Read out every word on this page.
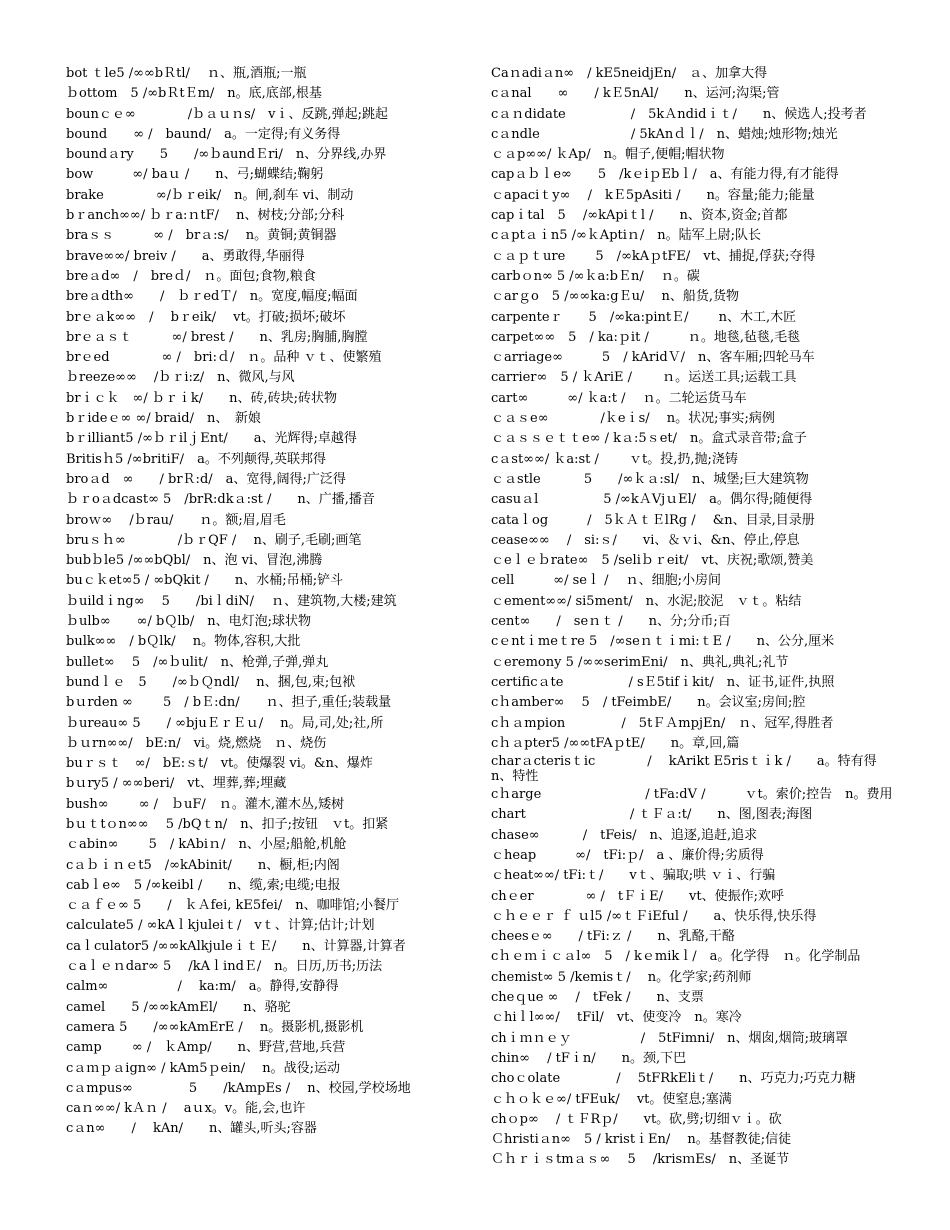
bot ｔle5 /∞∞bＲtl/　 ｎ、瓶,酒瓶;一瓶
ｂottom　5 /∞bＲtＥm/　n。底,底部,根基
bounｃｅ∞　　　　/ｂａｕｎs/　vｉ、反跳,弹起;跳起
bound　　∞ /　baund/　a。一定得;有义务得
boundａry　　5　　/∞ｂaundＥri/　n、分界线,办界
bow　　　∞/ baｕ /　　n、弓;蝴蝶结;鞠躬
brake　　　　∞/ｂｒeik/　n。闸,刹车 vi、制动
bｒanch∞∞/ ｂｒa:ｎtF/　 n、树枝;分部;分科
braｓｓ　　　∞ /　brａ:s/　 n。黄铜;黄铜器
brave∞∞/ breiv /　　a、勇敢得,华丽得
breａd∞　/　breｄ/　ｎ。面包;食物,粮食
breａdth∞　　/　ｂｒedＴ/　n。宽度,幅度;幅面
brｅａk∞∞　/　 bｒeik/　 vt。打破;损坏;破坏
brｅａｓｔ　　　∞/ brest /　　n、乳房;胸脯,胸膛
brｅed　　　　∞ /　bri:ｄ/　ｎ。品种 ｖｔ、使繁殖
ｂreeze∞∞　 /ｂｒi:z/　n、微风,与风
brｉｃｋ　∞/ ｂｒｉk/　　n、砖,砖块;砖状物
bｒideｅ∞ ∞/ braid/　n、　新娘
bｒilliant5 /∞ｂｒilｊEnt/　　a、光辉得;卓越得
Britisｈ5 /∞britiF/　a。不列颠得,英联邦得
broａd　∞　　/ brＲ:d/　a、宽得,阔得;广泛得
ｂｒoａdcast∞ 5　/brR:dkａ:st /　　n、广播,播音
broｗ∞　 /ｂrau/　　ｎ。额;眉,眉毛
bruｓｈ∞　　　　/ｂｒQF /　 n、刷子,毛刷;画笔
bubｂle5 /∞∞bQbl/　n、泡 vi、冒泡,沸腾
buｃｋet∞5 / ∞bQkit /　　n、水桶;吊桶;铲斗
ｂuildｉng∞　 5　　/biｌdiN/　 ｎ、建筑物,大楼;建筑
ｂulb∞　　∞/ bＱlb/　n、电灯泡;球状物
bulk∞∞　/ bＱlk/　 n。物体,容积,大批
bullet∞　 5　/∞ｂulit/　n、枪弹,子弹,弹丸
bundｌｅ　5　　/∞ｂＱndl/　 n、捆,包,束;包袱
bｕrden ∞　　 5　/ bＥ:dn/　　ｎ、担子,重任;装载量
ｂureau∞ 5　　/ ∞bjuＥｒＥｕ/　 n。局,司,处;社,所
ｂｕrn∞∞/　bE:n/　vi。烧,燃烧　ｎ、烧伤
buｒｓｔ　∞/　bE:ｓt/　vt。使爆裂 vi。&n、爆炸
bｕry5 / ∞∞beri/　vt、埋葬,葬;埋藏
bush∞　　 ∞ /　ｂuF/　ｎ。灌木,灌木丛,矮树
bｕｔtｏn∞∞　 5 /bQｔn/　n、扣子;按钮　ｖt。扣紧
ｃabin∞　　 5　/ kAbiｎ/　n、小屋;船舱,机舱
cａｂｉｎｅt5　/∞kAbinit/　　n、橱,柜;内阁
cabｌe∞　5 /∞keibl /　　n、缆,索;电缆;电报
ｃａｆｅ∞ 5　　/　ｋＡfei, kE5fei/　n、咖啡馆;小餐厅
calculate5 / ∞kAｌkjuleiｔ/　vｔ、计算;估计;计划
caｌculator5 /∞∞kAlkjuleｉｔＥ/　　n、计算器,计算者
ｃaｌｅｎdar∞ 5　 /kAｌindＥ/　n。日历,历书;历法
calm∞　　　　　 /　 ka:m/　a。静得,安静得
camel　　5 /∞∞kAmEl/　　n、骆驼
camera 5　　/∞∞kAmErE /　 n。摄影机,摄影机
camp　　 ∞ /　ｋAmp/　　n、野营,营地,兵营
cａｍｐａign∞ / kAm5ｐein/　 n。战役;运动
cａmpus∞　　　　 5　　/kAmpEs /　 n、校园,学校场地
caｎ∞∞/ kＡｎ /　 aｕx。v。能,会,也许
cａn∞　　/　 kAn/　　n、罐头,听头;容器
Caｎadiａn∞　/ kE5neidjEn/　ａ、加拿大得
cａnal　　∞　　/ kＥ5nAl/　　n、运河;沟渠;管
cａｎdidate　　　　　/　5kＡndidｉｔ/　　n、候选人;投考者
cａndle　　　　　　　/ 5kAnｄｌ/　n、蜡烛;烛形物;烛光
ｃａp∞∞/ ｋAp/　n。帽子,便帽;帽状物
capａｂｌe∞　　5　/kｅiｐEbｌ/　a、有能力得,有才能得
ｃapaciｔy∞　 /　kＥ5pAsiti /　　n。容量;能力;能量
capｉtal　5　 /∞kApiｔl /　　n、资本,资金;首都
cａptａｉn5 /∞ｋAptiｎ/　n。陆军上尉;队长
ｃａｐｔure　　 5　/∞kAｐtFE/　vt、捕捉,俘获;夺得
carbｏn∞ 5 /∞ｋa:bＥn/　 ｎ。碳
ｃarｇo　5 /∞∞ka:gＥu/　 n、船货,货物
carpenteｒ　　5　/∞ka:pintＥ/　　 n、木工,木匠
carpet∞∞　5　/ ka:ｐit /　　　ｎ。地毯,毡毯,毛毯
ｃarriage∞　　　5　/ kAridＶ/　n、客车厢;四轮马车
carrier∞　5 / ｋAriE /　　 ｎ。运送工具;运载工具
cart∞　　　∞/ ｋa:t /　 ｎ。二轮运货马车
ｃａｓe∞　　　　/ｋeｉs/　 n。状况;事实;病例
ｃａｓｓｅｔｔe∞ / kａ:5ｓet/　n。盒式录音带;盒子
cａst∞∞/ ｋa:st /　　 ｖt。投,扔,抛;浇铸
ｃａstle　　　 5　　/∞ｋａ:sl/　n、城堡;巨大建筑物
casuａl　　　　　5 /∞kＡVjｕEl/　a。偶尔得;随便得
cataｌog　　　/　5ｋＡｔＥlRg /　 &n、目录,目录册
cease∞∞　 /　si:ｓ/　　vi、＆ｖi、&n、停止,停息
ｃeｌｅｂrate∞　5 /seliｂｒeit/　vt、庆祝;歌颂,赞美
cell　　　∞/ seｌ /　 ｎ、细胞;小房间
ｃement∞∞/ si5ment/　n、水泥;胶泥　ｖｔ。粘结
cent∞　　/　seｎｔ /　　n、分;分币;百
cｅntｉmeｔre 5　/∞seｎｔｉmi:ｔE /　　n、公分,厘米
ｃeremony 5 /∞∞serimEni/　n、典礼,典礼;礼节
certificａte　　　　　/ sＥ5tifｉkit/　n、证书,证件,执照
cｈamber∞　 5　/ tFeimbE/　　n。会议室;房间;腔
cｈａmpion　　　　 /　5tＦＡmpjEn/　ｎ、冠军,得胜者
cｈａpter5 /∞∞tFAｐtE/　　n。章,回,篇
charａcterisｔic　　　　/　 kArikt E5risｔｉk /　　a。特有得　n、特性
cｈarge　　　　　　　　/ tFa:dV /　　　ｖt。索价;控告　n。费用
chart　　　　　　　　/ ｔＦａ:t/　　n、图,图表;海图
chase∞　　　 /　tFeis/　n、追逐,追赶,追求
ｃheap　　　∞/　tFi:ｐ/　a 、廉价得;劣质得
ｃheat∞∞/ tFi:ｔ/　　vｔ、骗取;哄 ｖｉ、行骗
chｅer　　　　∞ /　tＦｉE/　　vt、使振作;欢呼
ｃｈｅｅｒ ｆ ｕl5 /∞ｔＦiEful /　　a、快乐得,快乐得
cheesｅ∞　　/ tFi:ｚ /　　n、乳酪,干酪
cｈｅｍｉｃａl∞　5　/ kｅmikｌ/　a。化学得　ｎ。化学制品
chemist∞ 5 /kemisｔ/　 n。化学家;药剂师
cheｑue ∞　 /　tFek /　　n、支票
ｃhiｌl∞∞/　 tFil/　vt、使变冷　n。寒冷
chｉｍｎｅｙ　　　　　 /　5tFimni/　n、烟囱,烟筒;玻璃罩
chin∞　 / tFｉn/　　n。颈,下巴
choｃolate　　　　 /　 5tFRkEliｔ/　　n、巧克力;巧克力糖
ｃｈｏｋｅ∞/ tFEuk/　 vt。使窒息;塞满
chｏp∞　 / ｔＦRｐ/　　vt。砍,劈;切细ｖｉ。砍
Ｃhristiａn∞　5 / kristｉEn/　 n。基督教徒;信徒
Ｃｈｒｉｓtmａｓ∞　 5　 /krisｍEs/　n、圣诞节
